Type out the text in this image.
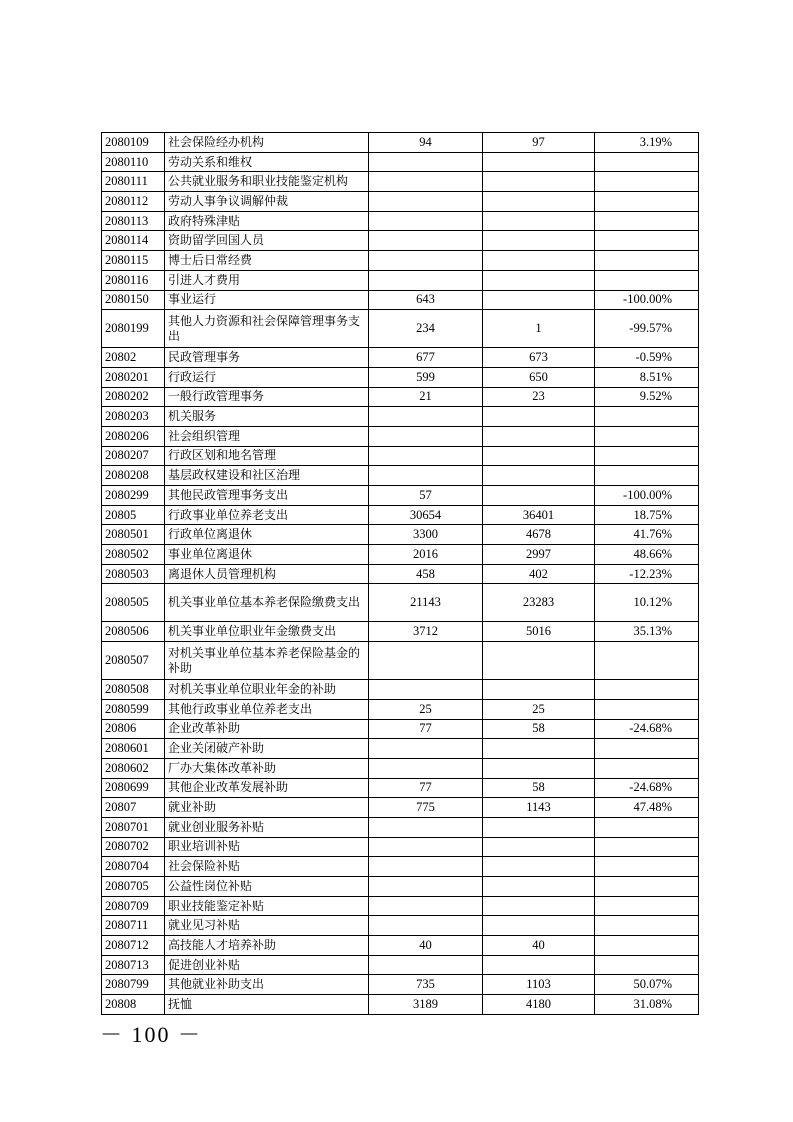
2080109	社会保险经办机构	94	97	3.19%
2080110	劳动关系和维权			
2080111	公共就业服务和职业技能鉴定机构			
2080112	劳动人事争议调解仲裁			
2080113	政府特殊津贴			
2080114	资助留学回国人员			
2080115	博士后日常经费			
2080116	引进人才费用			
2080150	事业运行	643		-100.00%
2080199	其他人力资源和社会保障管理事务支出	234	1	-99.57%
20802	民政管理事务	677	673	-0.59%
2080201	行政运行	599	650	8.51%
2080202	一般行政管理事务	21	23	9.52%
2080203	机关服务			
2080206	社会组织管理			
2080207	行政区划和地名管理			
2080208	基层政权建设和社区治理			
2080299	其他民政管理事务支出	57		-100.00%
20805	行政事业单位养老支出	30654	36401	18.75%
2080501	行政单位离退休	3300	4678	41.76%
2080502	事业单位离退休	2016	2997	48.66%
2080503	离退休人员管理机构	458	402	-12.23%
2080505	机关事业单位基本养老保险缴费支出	21143	23283	10.12%
2080506	机关事业单位职业年金缴费支出	3712	5016	35.13%
2080507	对机关事业单位基本养老保险基金的补助			
2080508	对机关事业单位职业年金的补助			
2080599	其他行政事业单位养老支出	25	25	
20806	企业改革补助	77	58	-24.68%
2080601	企业关闭破产补助			
2080602	厂办大集体改革补助			
2080699	其他企业改革发展补助	77	58	-24.68%
20807	就业补助	775	1143	47.48%
2080701	就业创业服务补贴			
2080702	职业培训补贴			
2080704	社会保险补贴			
2080705	公益性岗位补贴			
2080709	职业技能鉴定补贴			
2080711	就业见习补贴			
2080712	高技能人才培养补助	40	40	
2080713	促进创业补贴			
2080799	其他就业补助支出	735	1103	50.07%
20808	抚恤	3189	4180	31.08%
－ 100 －
